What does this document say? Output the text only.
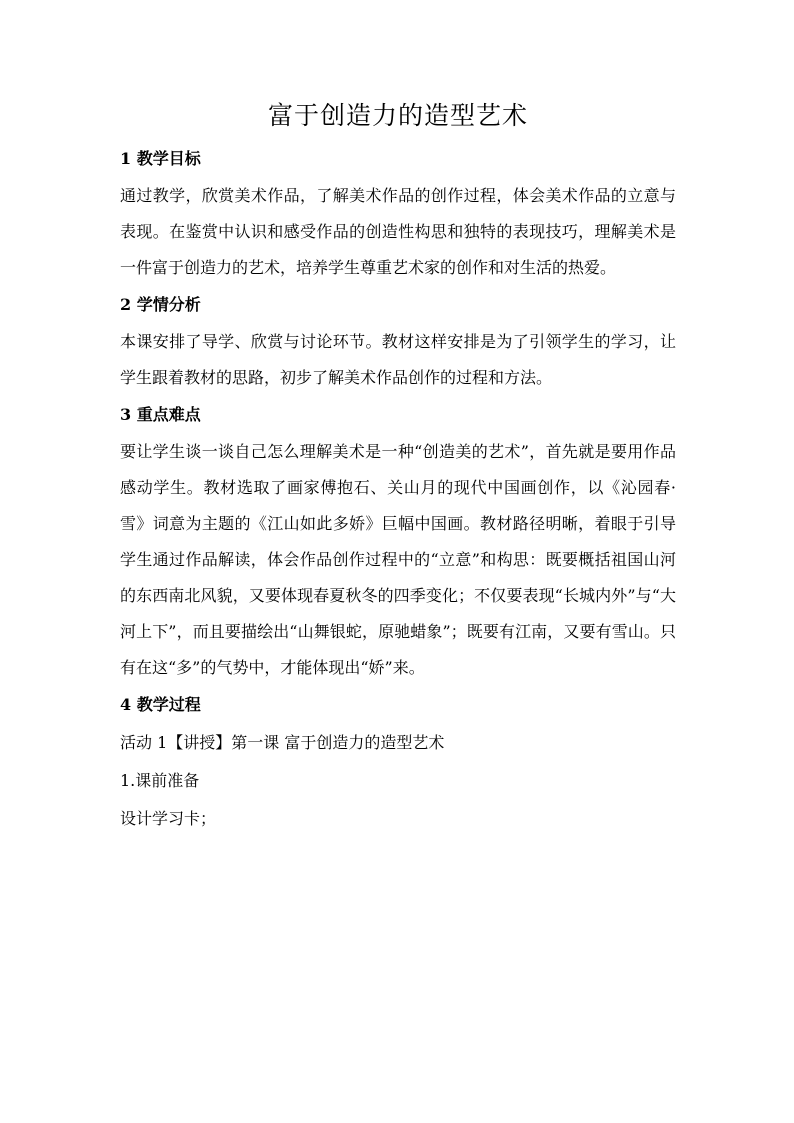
富于创造力的造型艺术

1 教学目标

通过教学，欣赏美术作品，了解美术作品的创作过程，体会美术作品的立意与表现。在鉴赏中认识和感受作品的创造性构思和独特的表现技巧，理解美术是一件富于创造力的艺术，培养学生尊重艺术家的创作和对生活的热爱。

2 学情分析

本课安排了导学、欣赏与讨论环节。教材这样安排是为了引领学生的学习，让学生跟着教材的思路，初步了解美术作品创作的过程和方法。

3 重点难点

要让学生谈一谈自己怎么理解美术是一种“创造美的艺术”，首先就是要用作品感动学生。教材选取了画家傅抱石、关山月的现代中国画创作，以《沁园春·雪》词意为主题的《江山如此多娇》巨幅中国画。教材路径明晰，着眼于引导学生通过作品解读，体会作品创作过程中的“立意”和构思：既要概括祖国山河的东西南北风貌，又要体现春夏秋冬的四季变化；不仅要表现“长城内外”与“大河上下”，而且要描绘出“山舞银蛇，原驰蜡象”；既要有江南，又要有雪山。只有在这“多”的气势中，才能体现出“娇”来。

4 教学过程

活动 1【讲授】第一课 富于创造力的造型艺术

1.课前准备

设计学习卡；
